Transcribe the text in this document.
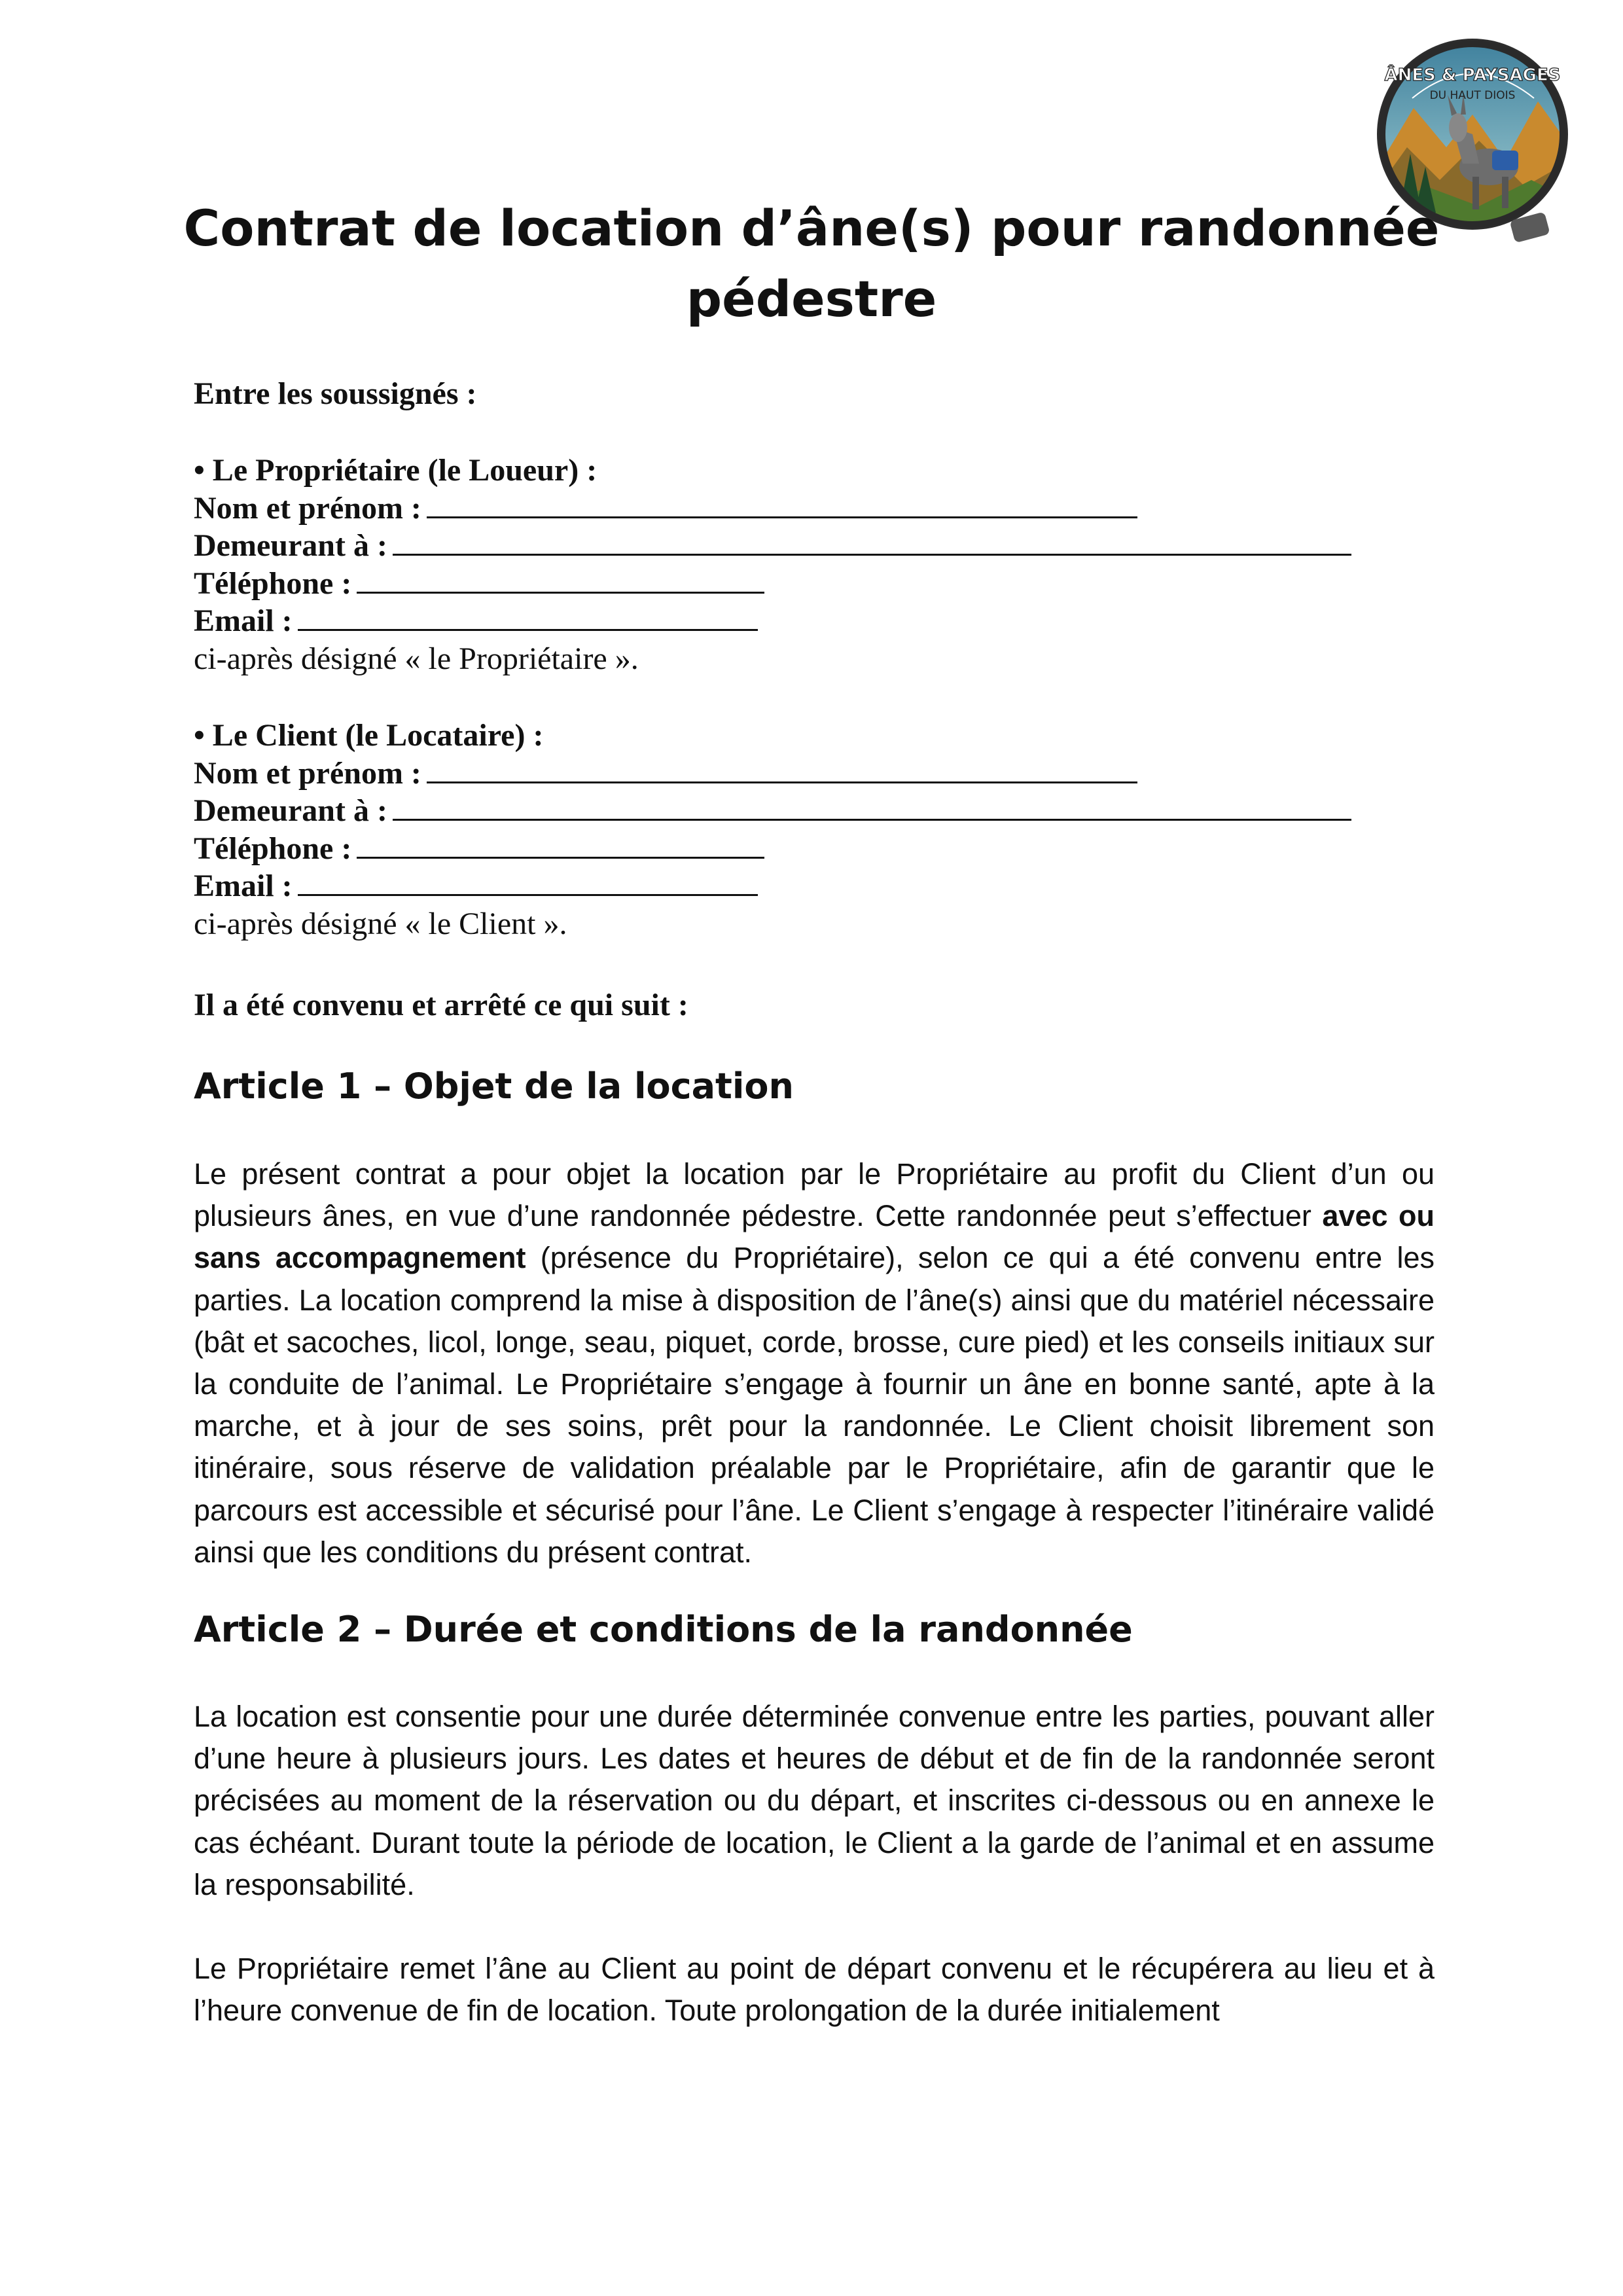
ÂNES & PAYSAGES
DU HAUT DIOIS
Contrat de location d’âne(s) pour randonnée pédestre

Entre les soussignés :

• Le Propriétaire (le Loueur) :
Nom et prénom :
Demeurant à :
Téléphone :
Email :
ci-après désigné « le Propriétaire ».
• Le Client (le Locataire) :
Nom et prénom :
Demeurant à :
Téléphone :
Email :
ci-après désigné « le Client ».

Il a été convenu et arrêté ce qui suit :

Article 1 – Objet de la location

Le présent contrat a pour objet la location par le Propriétaire au profit du Client d’un ou plusieurs ânes, en vue d’une randonnée pédestre. Cette randonnée peut s’effectuer avec ou sans accompagnement (présence du Propriétaire), selon ce qui a été convenu entre les parties. La location comprend la mise à disposition de l’âne(s) ainsi que du matériel nécessaire (bât et sacoches, licol, longe, seau, piquet, corde, brosse, cure pied) et les conseils initiaux sur la conduite de l’animal. Le Propriétaire s’engage à fournir un âne en bonne santé, apte à la marche, et à jour de ses soins, prêt pour la randonnée. Le Client choisit librement son itinéraire, sous réserve de validation préalable par le Propriétaire, afin de garantir que le parcours est accessible et sécurisé pour l’âne. Le Client s’engage à respecter l’itinéraire validé ainsi que les conditions du présent contrat.

Article 2 – Durée et conditions de la randonnée

La location est consentie pour une durée déterminée convenue entre les parties, pouvant aller d’une heure à plusieurs jours. Les dates et heures de début et de fin de la randonnée seront précisées au moment de la réservation ou du départ, et inscrites ci-dessous ou en annexe le cas échéant. Durant toute la période de location, le Client a la garde de l’animal et en assume la responsabilité.

Le Propriétaire remet l’âne au Client au point de départ convenu et le récupérera au lieu et à l’heure convenue de fin de location. Toute prolongation de la durée initialement
